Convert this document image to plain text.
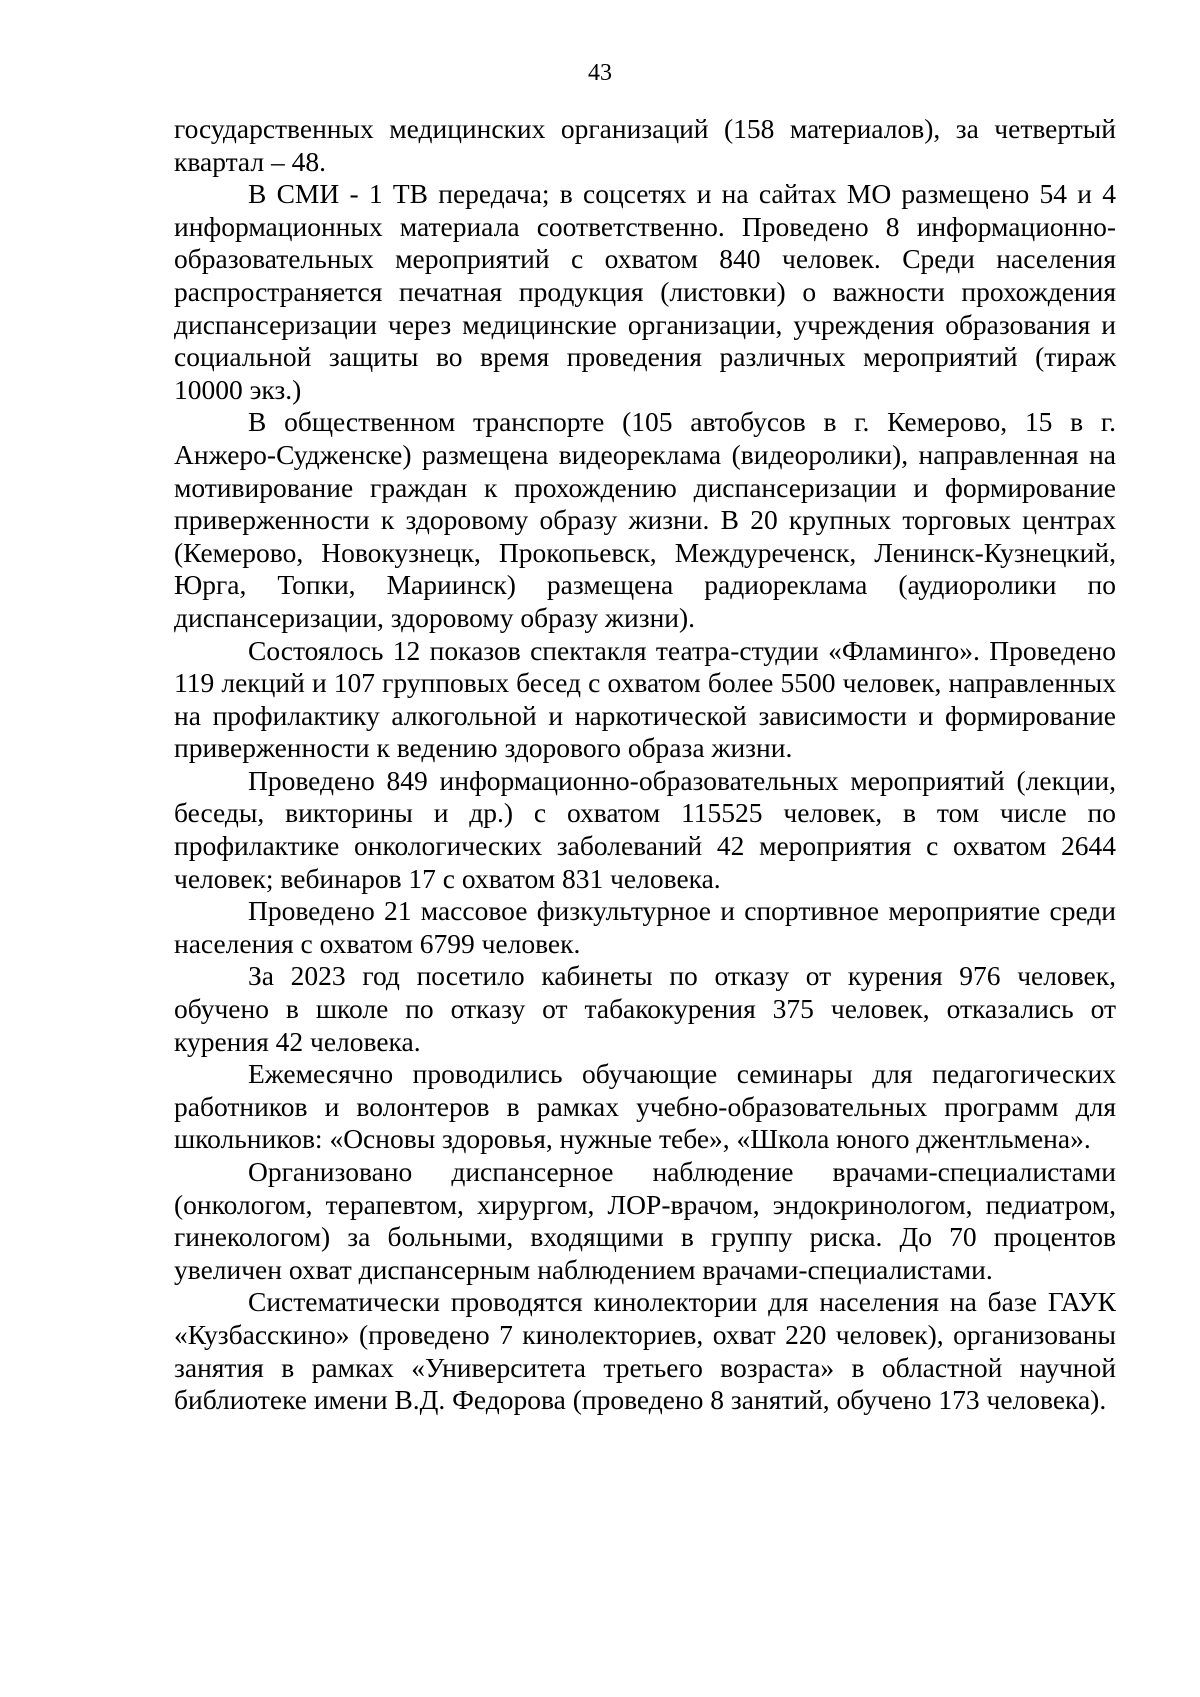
43

государственных медицинских организаций (158 материалов), за четвертый квартал – 48.

В СМИ - 1 ТВ передача; в соцсетях и на сайтах МО размещено 54 и 4 информационных материала соответственно. Проведено 8 информационно-образовательных мероприятий с охватом 840 человек. Среди населения распространяется печатная продукция (листовки) о важности прохождения диспансеризации через медицинские организации, учреждения образования и социальной защиты во время проведения различных мероприятий (тираж 10000 экз.)

В общественном транспорте (105 автобусов в г. Кемерово, 15 в г. Анжеро-Судженске) размещена видеореклама (видеоролики), направленная на мотивирование граждан к прохождению диспансеризации и формирование приверженности к здоровому образу жизни. В 20 крупных торговых центрах (Кемерово, Новокузнецк, Прокопьевск, Междуреченск, Ленинск-Кузнецкий, Юрга, Топки, Мариинск) размещена радиореклама (аудиоролики по диспансеризации, здоровому образу жизни).

Состоялось 12 показов спектакля театра-студии «Фламинго». Проведено 119 лекций и 107 групповых бесед с охватом более 5500 человек, направленных на профилактику алкогольной и наркотической зависимости и формирование приверженности к ведению здорового образа жизни.

Проведено 849 информационно-образовательных мероприятий (лекции, беседы, викторины и др.) с охватом 115525 человек, в том числе по профилактике онкологических заболеваний 42 мероприятия с охватом 2644 человек; вебинаров 17 с охватом 831 человека.

Проведено 21 массовое физкультурное и спортивное мероприятие среди населения с охватом 6799 человек.

За 2023 год посетило кабинеты по отказу от курения 976 человек, обучено в школе по отказу от табакокурения 375 человек, отказались от курения 42 человека.

Ежемесячно проводились обучающие семинары для педагогических работников и волонтеров в рамках учебно-образовательных программ для школьников: «Основы здоровья, нужные тебе», «Школа юного джентльмена».

Организовано диспансерное наблюдение врачами-специалистами (онкологом, терапевтом, хирургом, ЛОР-врачом, эндокринологом, педиатром, гинекологом) за больными, входящими в группу риска. До 70 процентов увеличен охват диспансерным наблюдением врачами-специалистами.

Систематически проводятся кинолектории для населения на базе ГАУК «Кузбасскино» (проведено 7 кинолекториев, охват 220 человек), организованы занятия в рамках «Университета третьего возраста» в областной научной библиотеке имени В.Д. Федорова (проведено 8 занятий, обучено 173 человека).
